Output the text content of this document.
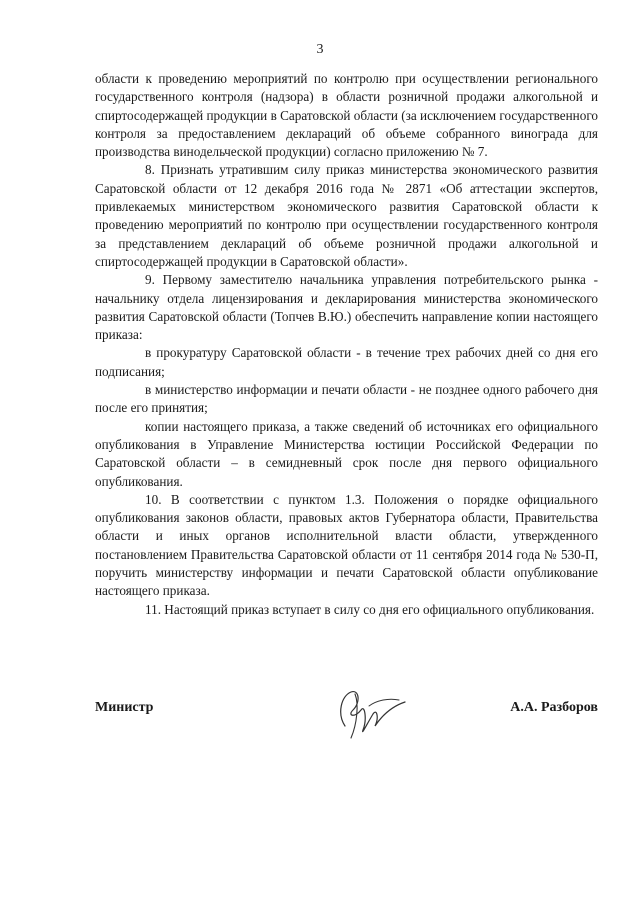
3

области к проведению мероприятий по контролю при осуществлении регионального государственного контроля (надзора) в области розничной продажи алкогольной и спиртосодержащей продукции в Саратовской области (за исключением государственного контроля за предоставлением деклараций об объеме собранного винограда для производства винодельческой продукции) согласно приложению № 7.

8. Признать утратившим силу приказ министерства экономического развития Саратовской области от 12 декабря 2016 года № 2871 «Об аттестации экспертов, привлекаемых министерством экономического развития Саратовской области к проведению мероприятий по контролю при осуществлении государственного контроля за представлением деклараций об объеме розничной продажи алкогольной и спиртосодержащей продукции в Саратовской области».

9. Первому заместителю начальника управления потребительского рынка - начальнику отдела лицензирования и декларирования министерства экономического развития Саратовской области (Топчев В.Ю.) обеспечить направление копии настоящего приказа:

в прокуратуру Саратовской области - в течение трех рабочих дней со дня его подписания;

в министерство информации и печати области - не позднее одного рабочего дня после его принятия;

копии настоящего приказа, а также сведений об источниках его официального опубликования в Управление Министерства юстиции Российской Федерации по Саратовской области – в семидневный срок после дня первого официального опубликования.

10. В соответствии с пунктом 1.3. Положения о порядке официального опубликования законов области, правовых актов Губернатора области, Правительства области и иных органов исполнительной власти области, утвержденного постановлением Правительства Саратовской области от 11 сентября 2014 года № 530-П, поручить министерству информации и печати Саратовской области опубликование настоящего приказа.

11. Настоящий приказ вступает в силу со дня его официального опубликования.

Министр	А.А. Разборов
